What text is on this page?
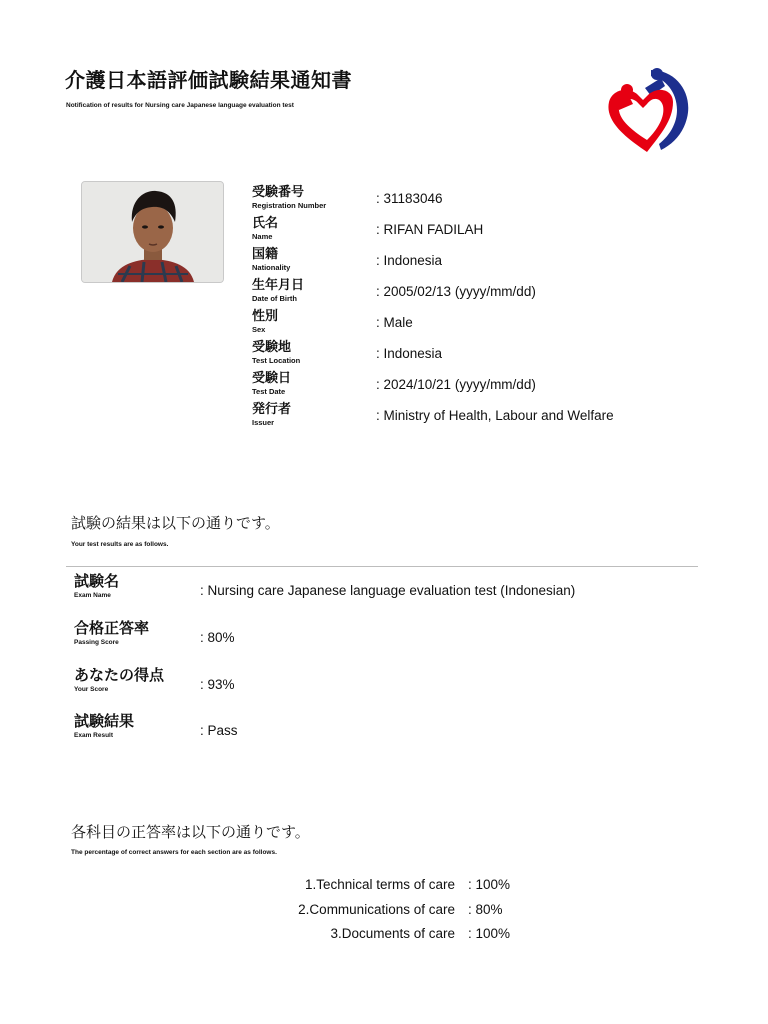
介護日本語評価試験結果通知書
Notification of results for Nursing care Japanese language evaluation test
受験番号
Registration Number	: 31183046
氏名
Name	: RIFAN FADILAH
国籍
Nationality	: Indonesia
生年月日
Date of Birth	: 2005/02/13 (yyyy/mm/dd)
性別
Sex	: Male
受験地
Test Location	: Indonesia
受験日
Test Date	: 2024/10/21 (yyyy/mm/dd)
発行者
Issuer	: Ministry of Health, Labour and Welfare
試験の結果は以下の通りです。
Your test results are as follows.
試験名
Exam Name	: Nursing care Japanese language evaluation test (Indonesian)
合格正答率
Passing Score	: 80%
あなたの得点
Your Score	: 93%
試験結果
Exam Result	: Pass
各科目の正答率は以下の通りです。
The percentage of correct answers for each section are as follows.
1.Technical terms of care : 100%
2.Communications of care : 80%
3.Documents of care : 100%
